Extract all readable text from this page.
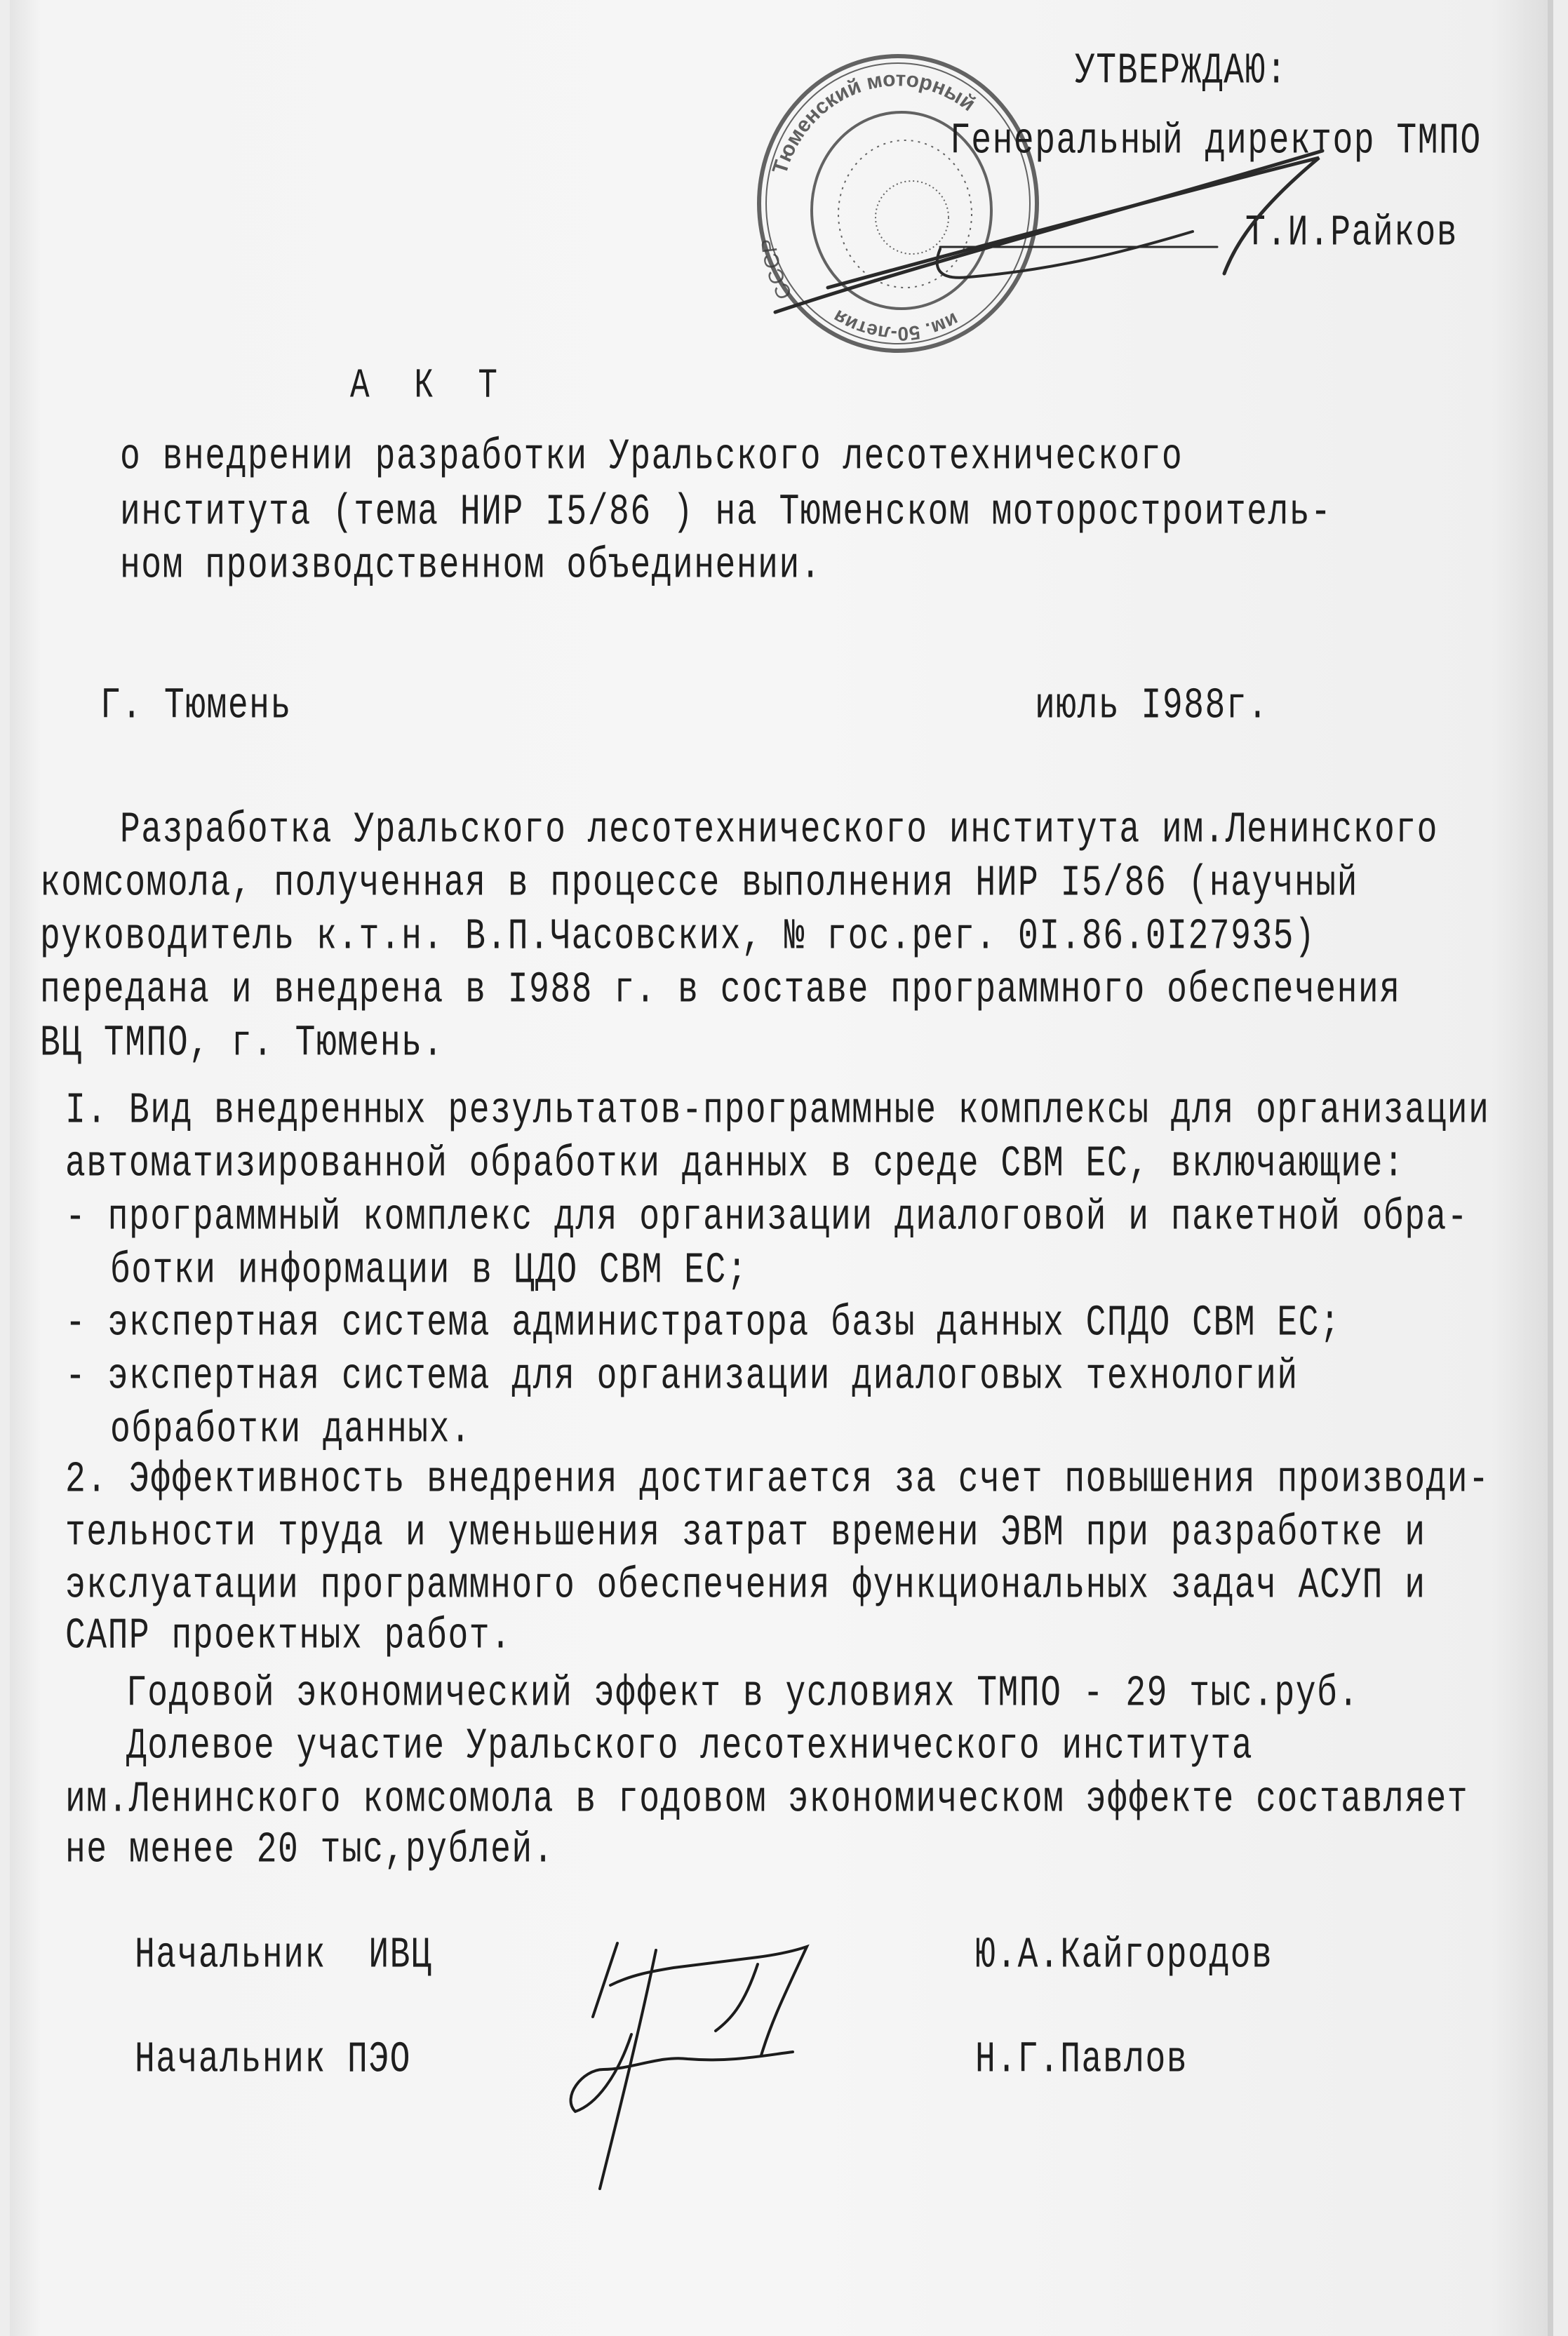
Тюменский моторный
СССР
им. 50-летия
УТВЕРЖДАЮ:
Генеральный директор ТМПО
Т.И.Райков
А К Т
о внедрении разработки Уральского лесотехнического
института (тема НИР I5/86 ) на Тюменском моторостроитель-
ном производственном объединении.
Г. Тюмень	июль I988г.
Разработка Уральского лесотехнического института им.Ленинского
комсомола, полученная в процессе выполнения НИР I5/86 (научный
руководитель к.т.н. В.П.Часовских, № гос.рег. 0I.86.0I27935)
передана и внедрена в I988 г. в составе программного обеспечения
ВЦ ТМПО, г. Тюмень.
I. Вид внедренных результатов-программные комплексы для организации
автоматизированной обработки данных в среде СВМ ЕС, включающие:
- программный комплекс для организации диалоговой и пакетной обра-
ботки информации в ЦДО СВМ ЕС;
- экспертная система администратора базы данных СПДО СВМ ЕС;
- экспертная система для организации диалоговых технологий
обработки данных.
2. Эффективность внедрения достигается за счет повышения производи-
тельности труда и уменьшения затрат времени ЭВМ при разработке и
экслуатации программного обеспечения функциональных задач АСУП и
САПР проектных работ.
Годовой экономический эффект в условиях ТМПО - 29 тыс.руб.
Долевое участие Уральского лесотехнического института
им.Ленинского комсомола в годовом экономическом эффекте составляет
не менее 20 тыс,рублей.
Начальник  ИВЦ	Ю.А.Кайгородов
Начальник ПЭО	Н.Г.Павлов
